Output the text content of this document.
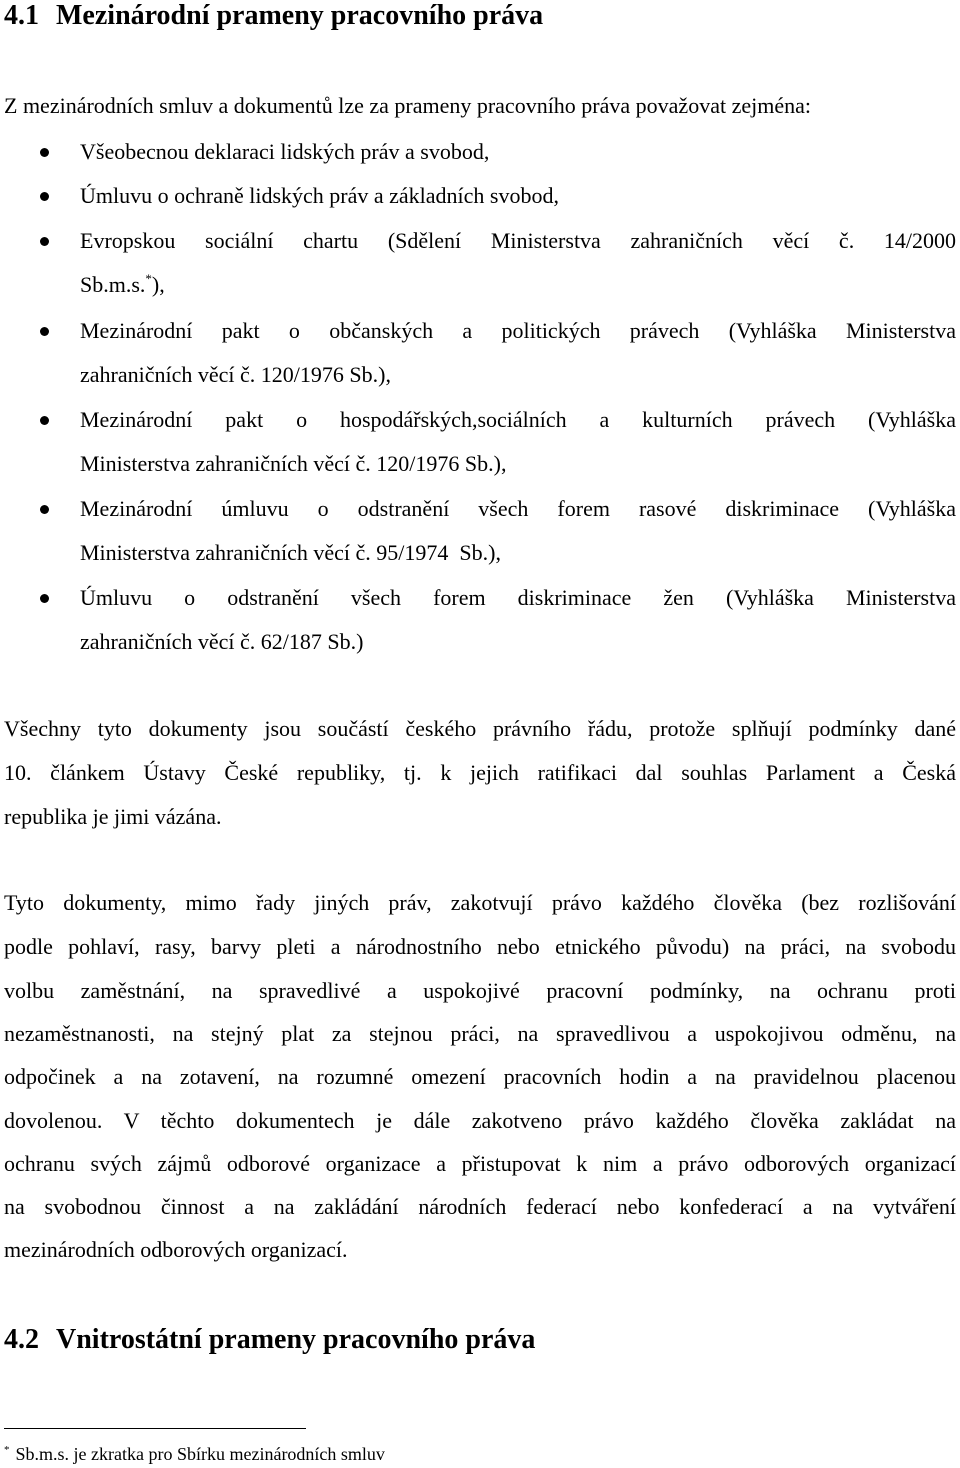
4.1 Mezinárodní prameny pracovního práva
Z mezinárodních smluv a dokumentů lze za prameny pracovního práva považovat zejména:
Všeobecnou deklaraci lidských práv a svobod,
Úmluvu o ochraně lidských práv a základních svobod,
Evropskou sociální chartu (Sdělení Ministerstva zahraničních věcí č. 14/2000
Sb.m.s.*),
Mezinárodní pakt o občanských a politických právech (Vyhláška Ministerstva
zahraničních věcí č. 120/1976 Sb.),
Mezinárodní pakt o hospodářských,sociálních a kulturních právech (Vyhláška
Ministerstva zahraničních věcí č. 120/1976 Sb.),
Mezinárodní úmluvu o odstranění všech forem rasové diskriminace (Vyhláška
Ministerstva zahraničních věcí č. 95/1974  Sb.),
Úmluvu o odstranění všech forem diskriminace žen (Vyhláška Ministerstva
zahraničních věcí č. 62/187 Sb.)
Všechny tyto dokumenty jsou součástí českého právního řádu, protože splňují podmínky dané
10. článkem Ústavy České republiky, tj. k jejich ratifikaci dal souhlas Parlament a Česká
republika je jimi vázána.
Tyto dokumenty, mimo řady jiných práv, zakotvují právo každého člověka (bez rozlišování
podle pohlaví, rasy, barvy pleti a národnostního nebo etnického původu) na práci, na svobodu
volbu zaměstnání, na spravedlivé a uspokojivé pracovní podmínky, na ochranu proti
nezaměstnanosti, na stejný plat za stejnou práci, na spravedlivou a uspokojivou odměnu, na
odpočinek a na zotavení, na rozumné omezení pracovních hodin a na pravidelnou placenou
dovolenou. V těchto dokumentech je dále zakotveno právo každého člověka zakládat na
ochranu svých zájmů odborové organizace a přistupovat k nim a právo odborových organizací
na svobodnou činnost a na zakládání národních federací nebo konfederací a na vytváření
mezinárodních odborových organizací.
4.2 Vnitrostátní prameny pracovního práva
* Sb.m.s. je zkratka pro Sbírku mezinárodních smluv
